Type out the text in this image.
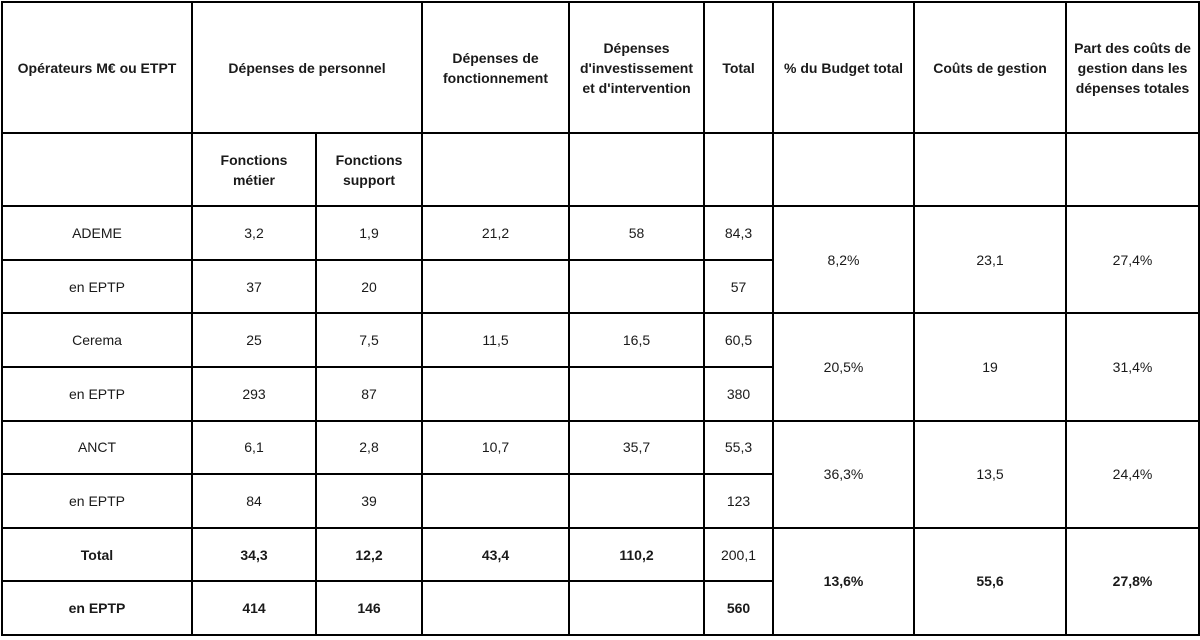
Opérateurs M€ ou ETPT	Dépenses de personnel		Dépenses de fonctionnement	Dépenses d'investissement et d'intervention	Total	% du Budget total	Coûts de gestion	Part des coûts de gestion dans les dépenses totales
	Fonctions métier	Fonctions support						
ADEME	3,2	1,9	21,2	58	84,3	8,2%	23,1	27,4%
en EPTP	37	20			57			
Cerema	25	7,5	11,5	16,5	60,5	20,5%	19	31,4%
en EPTP	293	87			380			
ANCT	6,1	2,8	10,7	35,7	55,3	36,3%	13,5	24,4%
en EPTP	84	39			123			
Total	34,3	12,2	43,4	110,2	200,1	13,6%	55,6	27,8%
en EPTP	414	146			560			
